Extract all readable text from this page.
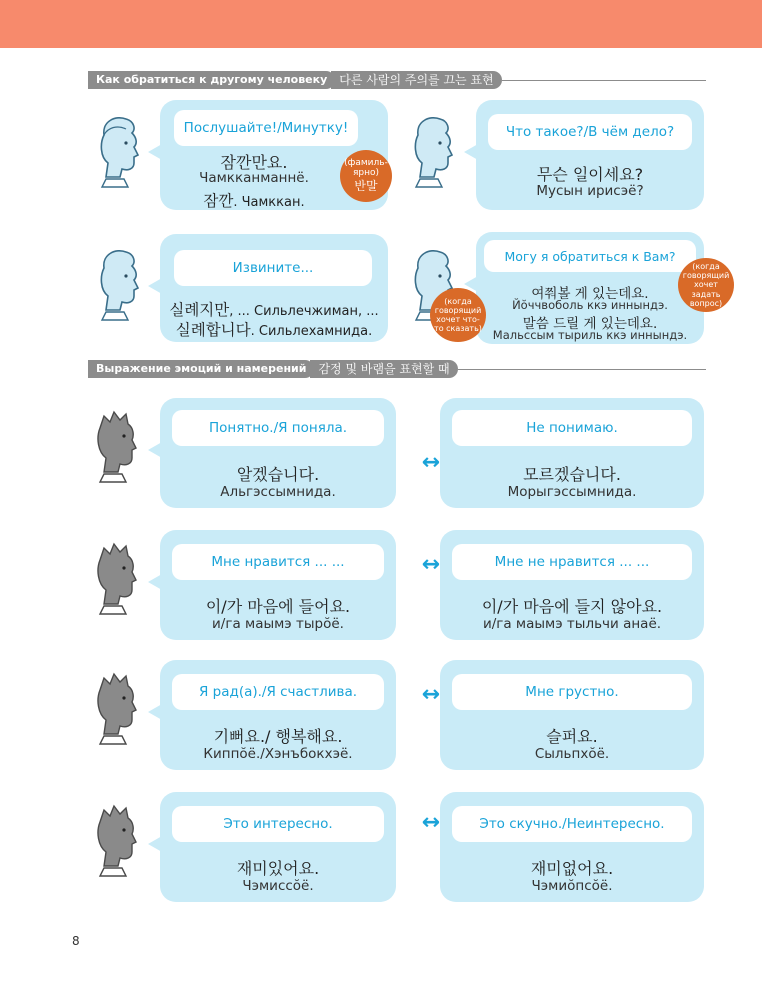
Как обратиться к другому человеку	다른 사람의 주의를 끄는 표현
Послушайте!/Минутку!
잠깐만요.
Чамкканманнё.
잠깐. Чамккан.
(фамиль-ярно)
반말
Что такое?/В чём дело?
무슨 일이세요?
Мусын ирисэё?
Извините...
실례지만, ... Сильлечжиман, ...
실례합니다. Сильлехамнида.
Могу я обратиться к Вам?
여쭤볼 게 있는데요.
Йŏччвоболь ккэ иннындэ.
말씀 드릴 게 있는데요.
Мальссым тыриль ккэ иннындэ.
(когда говорящий хочет что-то сказать)
(когда говорящий хочет задать вопрос)
Выражение эмоций и намерений	감정 및 바램을 표현할 때
Понятно./Я поняла.
알겠습니다.
Альгэссымнида.
↔
Не понимаю.
모르겠습니다.
Морыгэссымнида.
Мне нравится ... ...
이/가 마음에 들어요.
и/га маымэ тырŏё.
↔	Мне не нравится ... ...
이/가 마음에 들지 않아요.
и/га маымэ тыльчи анаё.
Я рад(а)./Я счастлива.
기뻐요./ 행복해요.
Киппŏё./Хэнъбокхэё.
↔	Мне грустно.
슬퍼요.
Сыльпхŏё.
Это интересно.
재미있어요.
Чэмиссŏё.
↔	Это скучно./Неинтересно.
재미없어요.
Чэмиŏпсŏё.
8
